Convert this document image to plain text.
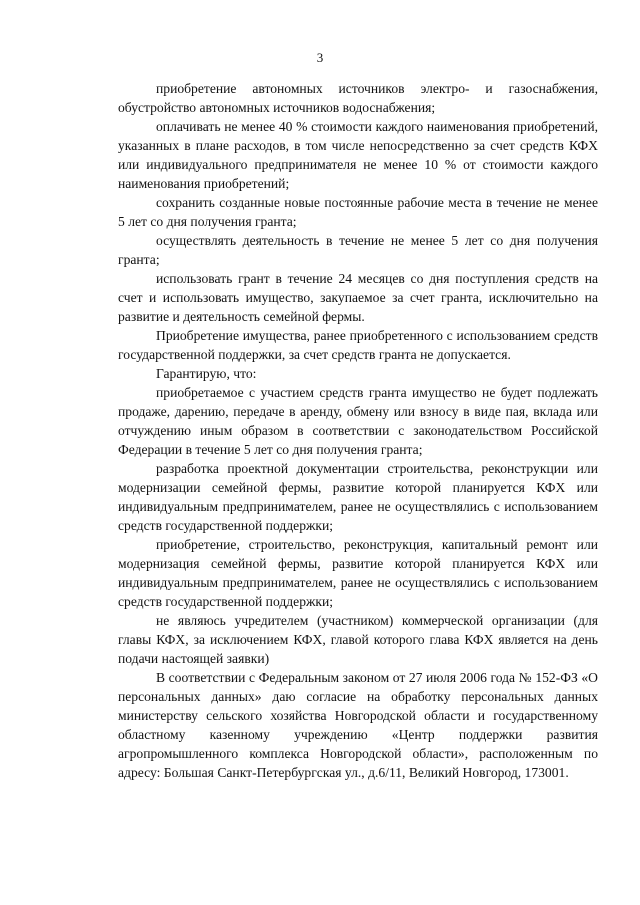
3

приобретение автономных источников электро- и газоснабжения, обустройство автономных источников водоснабжения;

оплачивать не менее 40 % стоимости каждого наименования приобретений, указанных в плане расходов, в том числе непосредственно за счет средств КФХ или индивидуального предпринимателя не менее 10 % от стоимости каждого наименования приобретений;

сохранить созданные новые постоянные рабочие места в течение не менее 5 лет со дня получения гранта;

осуществлять деятельность в течение не менее 5 лет со дня получения гранта;

использовать грант в течение 24 месяцев со дня поступления средств на счет и использовать имущество, закупаемое за счет гранта, исключительно на развитие и деятельность семейной фермы.

Приобретение имущества, ранее приобретенного с использованием средств государственной поддержки, за счет средств гранта не допускается.

Гарантирую, что:

приобретаемое с участием средств гранта имущество не будет подлежать продаже, дарению, передаче в аренду, обмену или взносу в виде пая, вклада или отчуждению иным образом в соответствии с законодательством Российской Федерации в течение 5 лет со дня получения гранта;

разработка проектной документации строительства, реконструкции или модернизации семейной фермы, развитие которой планируется КФХ или индивидуальным предпринимателем, ранее не осуществлялись с использованием средств государственной поддержки;

приобретение, строительство, реконструкция, капитальный ремонт или модернизация семейной фермы, развитие которой планируется КФХ или индивидуальным предпринимателем, ранее не осуществлялись с использованием средств государственной поддержки;

не являюсь учредителем (участником) коммерческой организации (для главы КФХ, за исключением КФХ, главой которого глава КФХ является на день подачи настоящей заявки)

В соответствии с Федеральным законом от 27 июля 2006 года № 152-ФЗ «О персональных данных» даю согласие на обработку персональных данных министерству сельского хозяйства Новгородской области и государственному областному казенному учреждению «Центр поддержки развития агропромышленного комплекса Новгородской области», расположенным по адресу: Большая Санкт-Петербургская ул., д.6/11, Великий Новгород, 173001.
